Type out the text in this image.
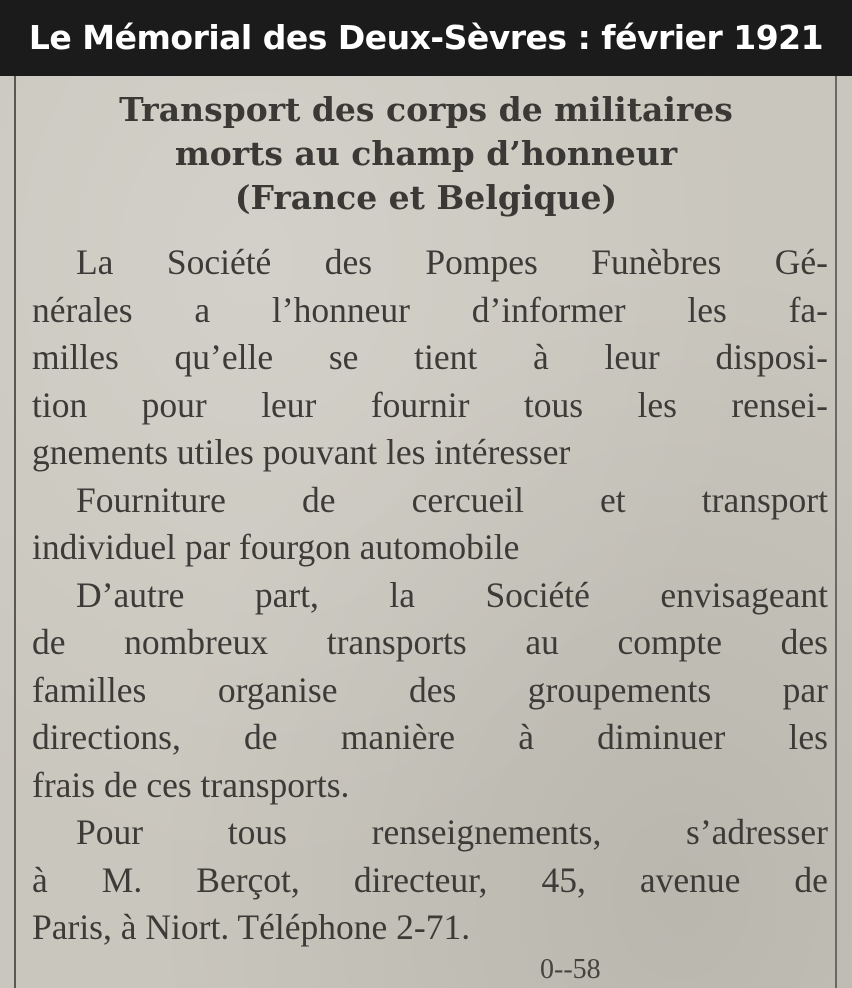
Le Mémorial des Deux-Sèvres : février 1921
Transport des corps de militaires
morts au champ d’honneur
(France et Belgique)
La Société des Pompes Funèbres Gé-
nérales a l’honneur d’informer les fa-
milles qu’elle se tient à leur disposi-
tion pour leur fournir tous les rensei-
gnements utiles pouvant les intéresser
Fourniture de cercueil et transport
individuel par fourgon automobile
D’autre part, la Société envisageant
de nombreux transports au compte des
familles organise des groupements par
directions, de manière à diminuer les
frais de ces transports.
Pour tous renseignements, s’adresser
à M. Berçot, directeur, 45, avenue de
Paris, à Niort. Téléphone 2-71.
0--58
